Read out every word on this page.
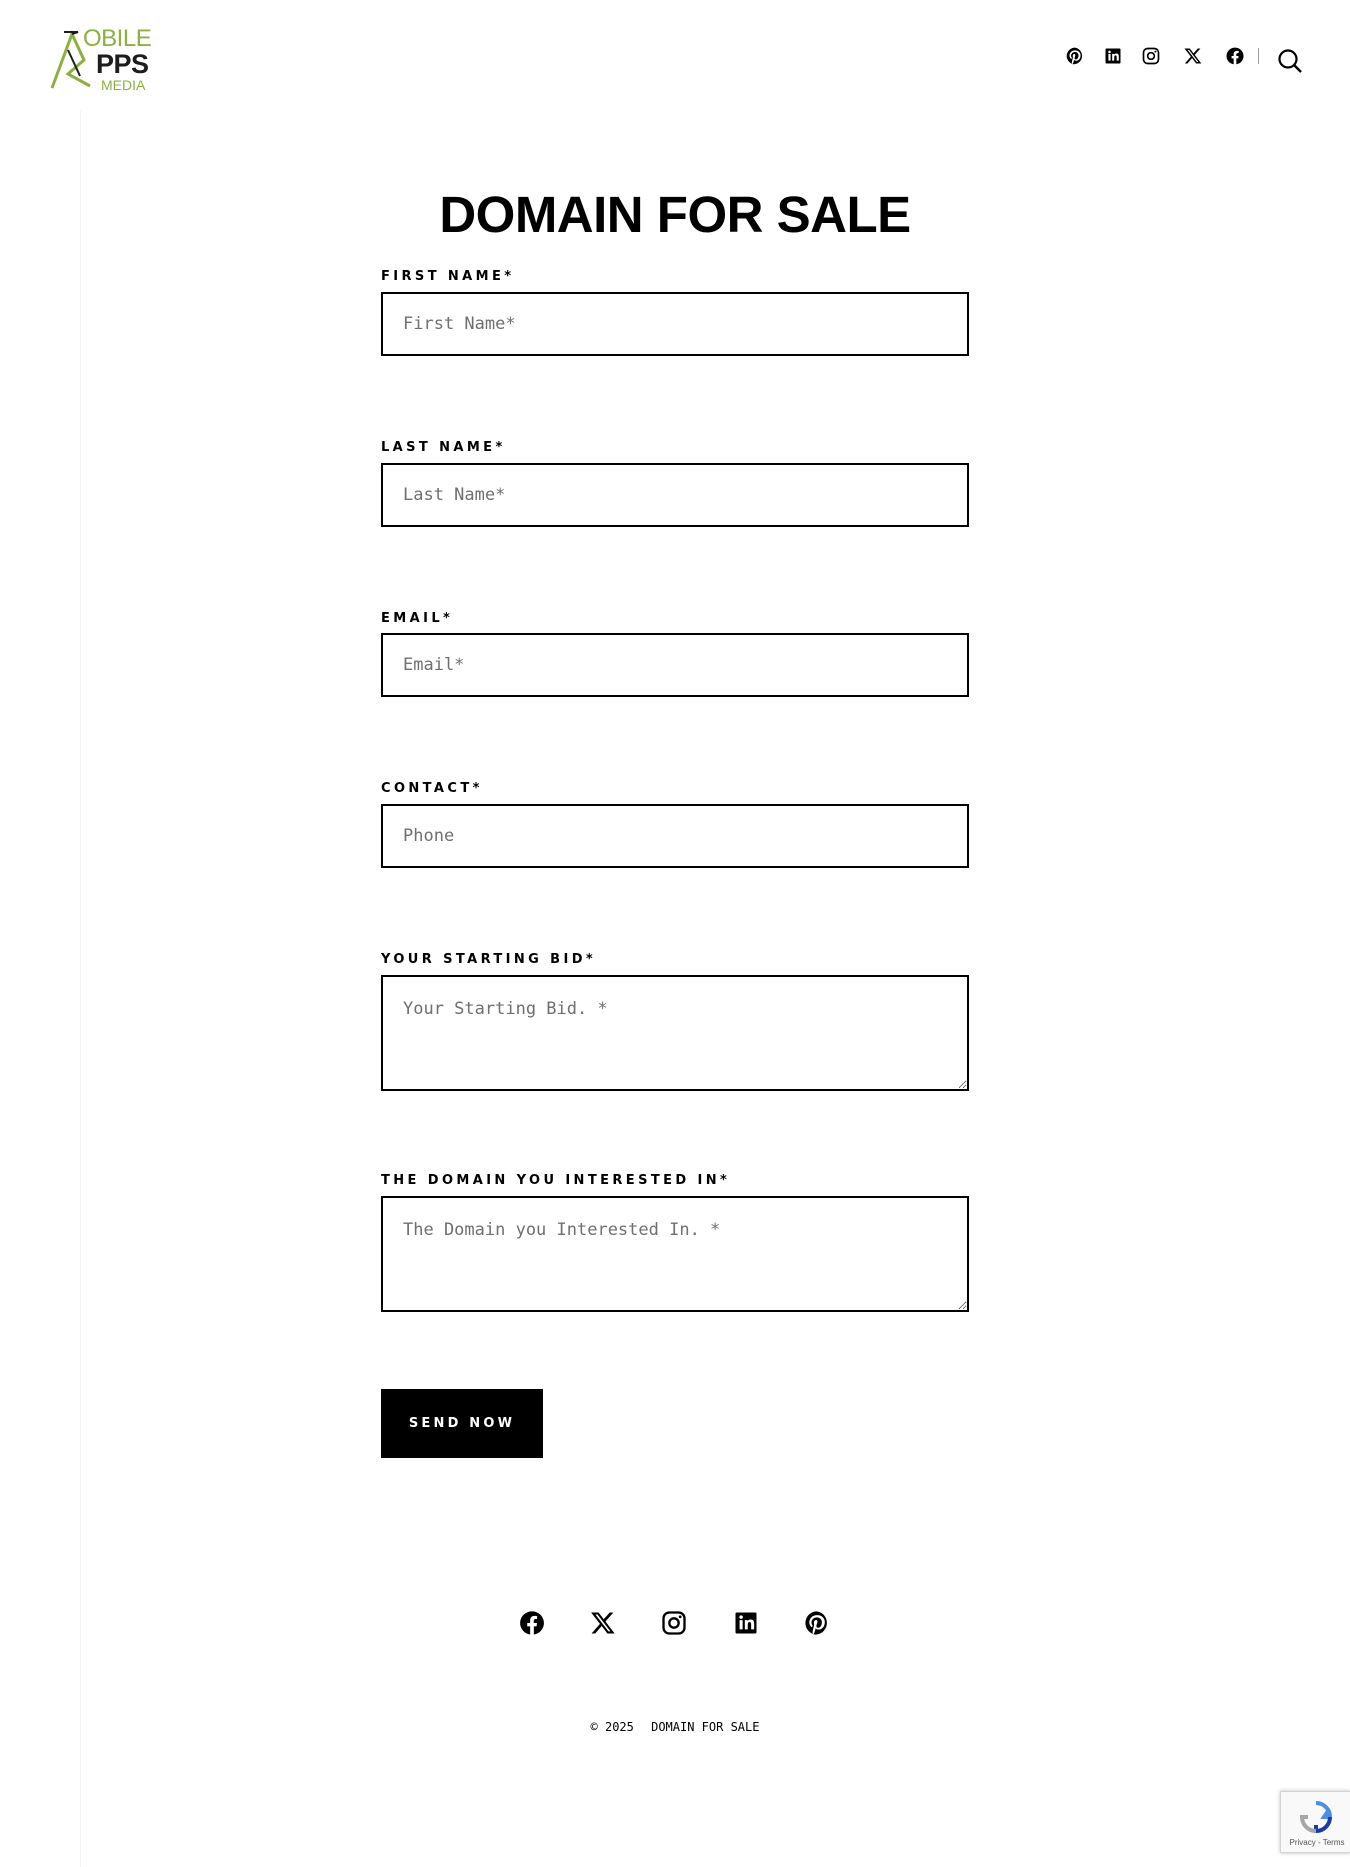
OBILE
PPS
MEDIA
DOMAIN FOR SALE
FIRST NAME*
First Name*
LAST NAME*
Last Name*
EMAIL*
Email*
CONTACT*
Phone
YOUR STARTING BID*
Your Starting Bid. *
THE DOMAIN YOU INTERESTED IN*
The Domain you Interested In. *
SEND NOW
© 2025 DOMAIN FOR SALE
Privacy - Terms
